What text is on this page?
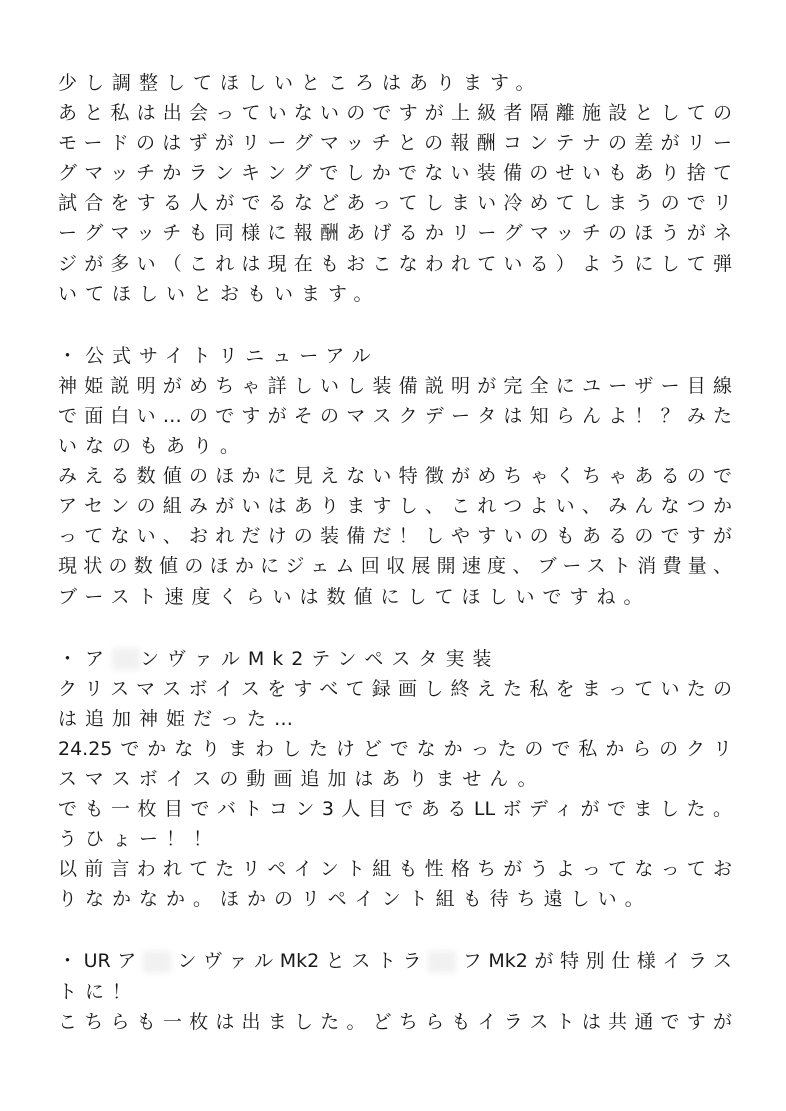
少し調整してほしいところはあります。
あと私は出会っていないのですが上級者隔離施設としての
モードのはずがリーグマッチとの報酬コンテナの差がリー
グマッチかランキングでしかでない装備のせいもあり捨て
試合をする人がでるなどあってしまい冷めてしまうのでリ
ーグマッチも同様に報酬あげるかリーグマッチのほうがネ
ジが多い（これは現在もおこなわれている）ようにして弾
いてほしいとおもいます。
・公式サイトリニューアル
神姫説明がめちゃ詳しいし装備説明が完全にユーザー目線
で面白い…のですがそのマスクデータは知らんよ！？みた
いなのもあり。
みえる数値のほかに見えない特徴がめちゃくちゃあるので
アセンの組みがいはありますし、これつよい、みんなつか
ってない、おれだけの装備だ！しやすいのもあるのですが
現状の数値のほかにジェム回収展開速度、ブースト消費量、
ブースト速度くらいは数値にしてほしいですね。
・ア ンヴァルMk2テンペスタ実装
クリスマスボイスをすべて録画し終えた私をまっていたの
は追加神姫だった…
24.25でかなりまわしたけどでなかったので私からのクリ
スマスボイスの動画追加はありません。
でも一枚目でバトコン3人目であるLLボディがでました。
うひょー！！
以前言われてたリペイント組も性格ちがうよってなってお
りなかなか。ほかのリペイント組も待ち遠しい。
・URア ンヴァルMk2とストラ フMk2が特別仕様イラス
トに！
こちらも一枚は出ました。どちらもイラストは共通ですが
